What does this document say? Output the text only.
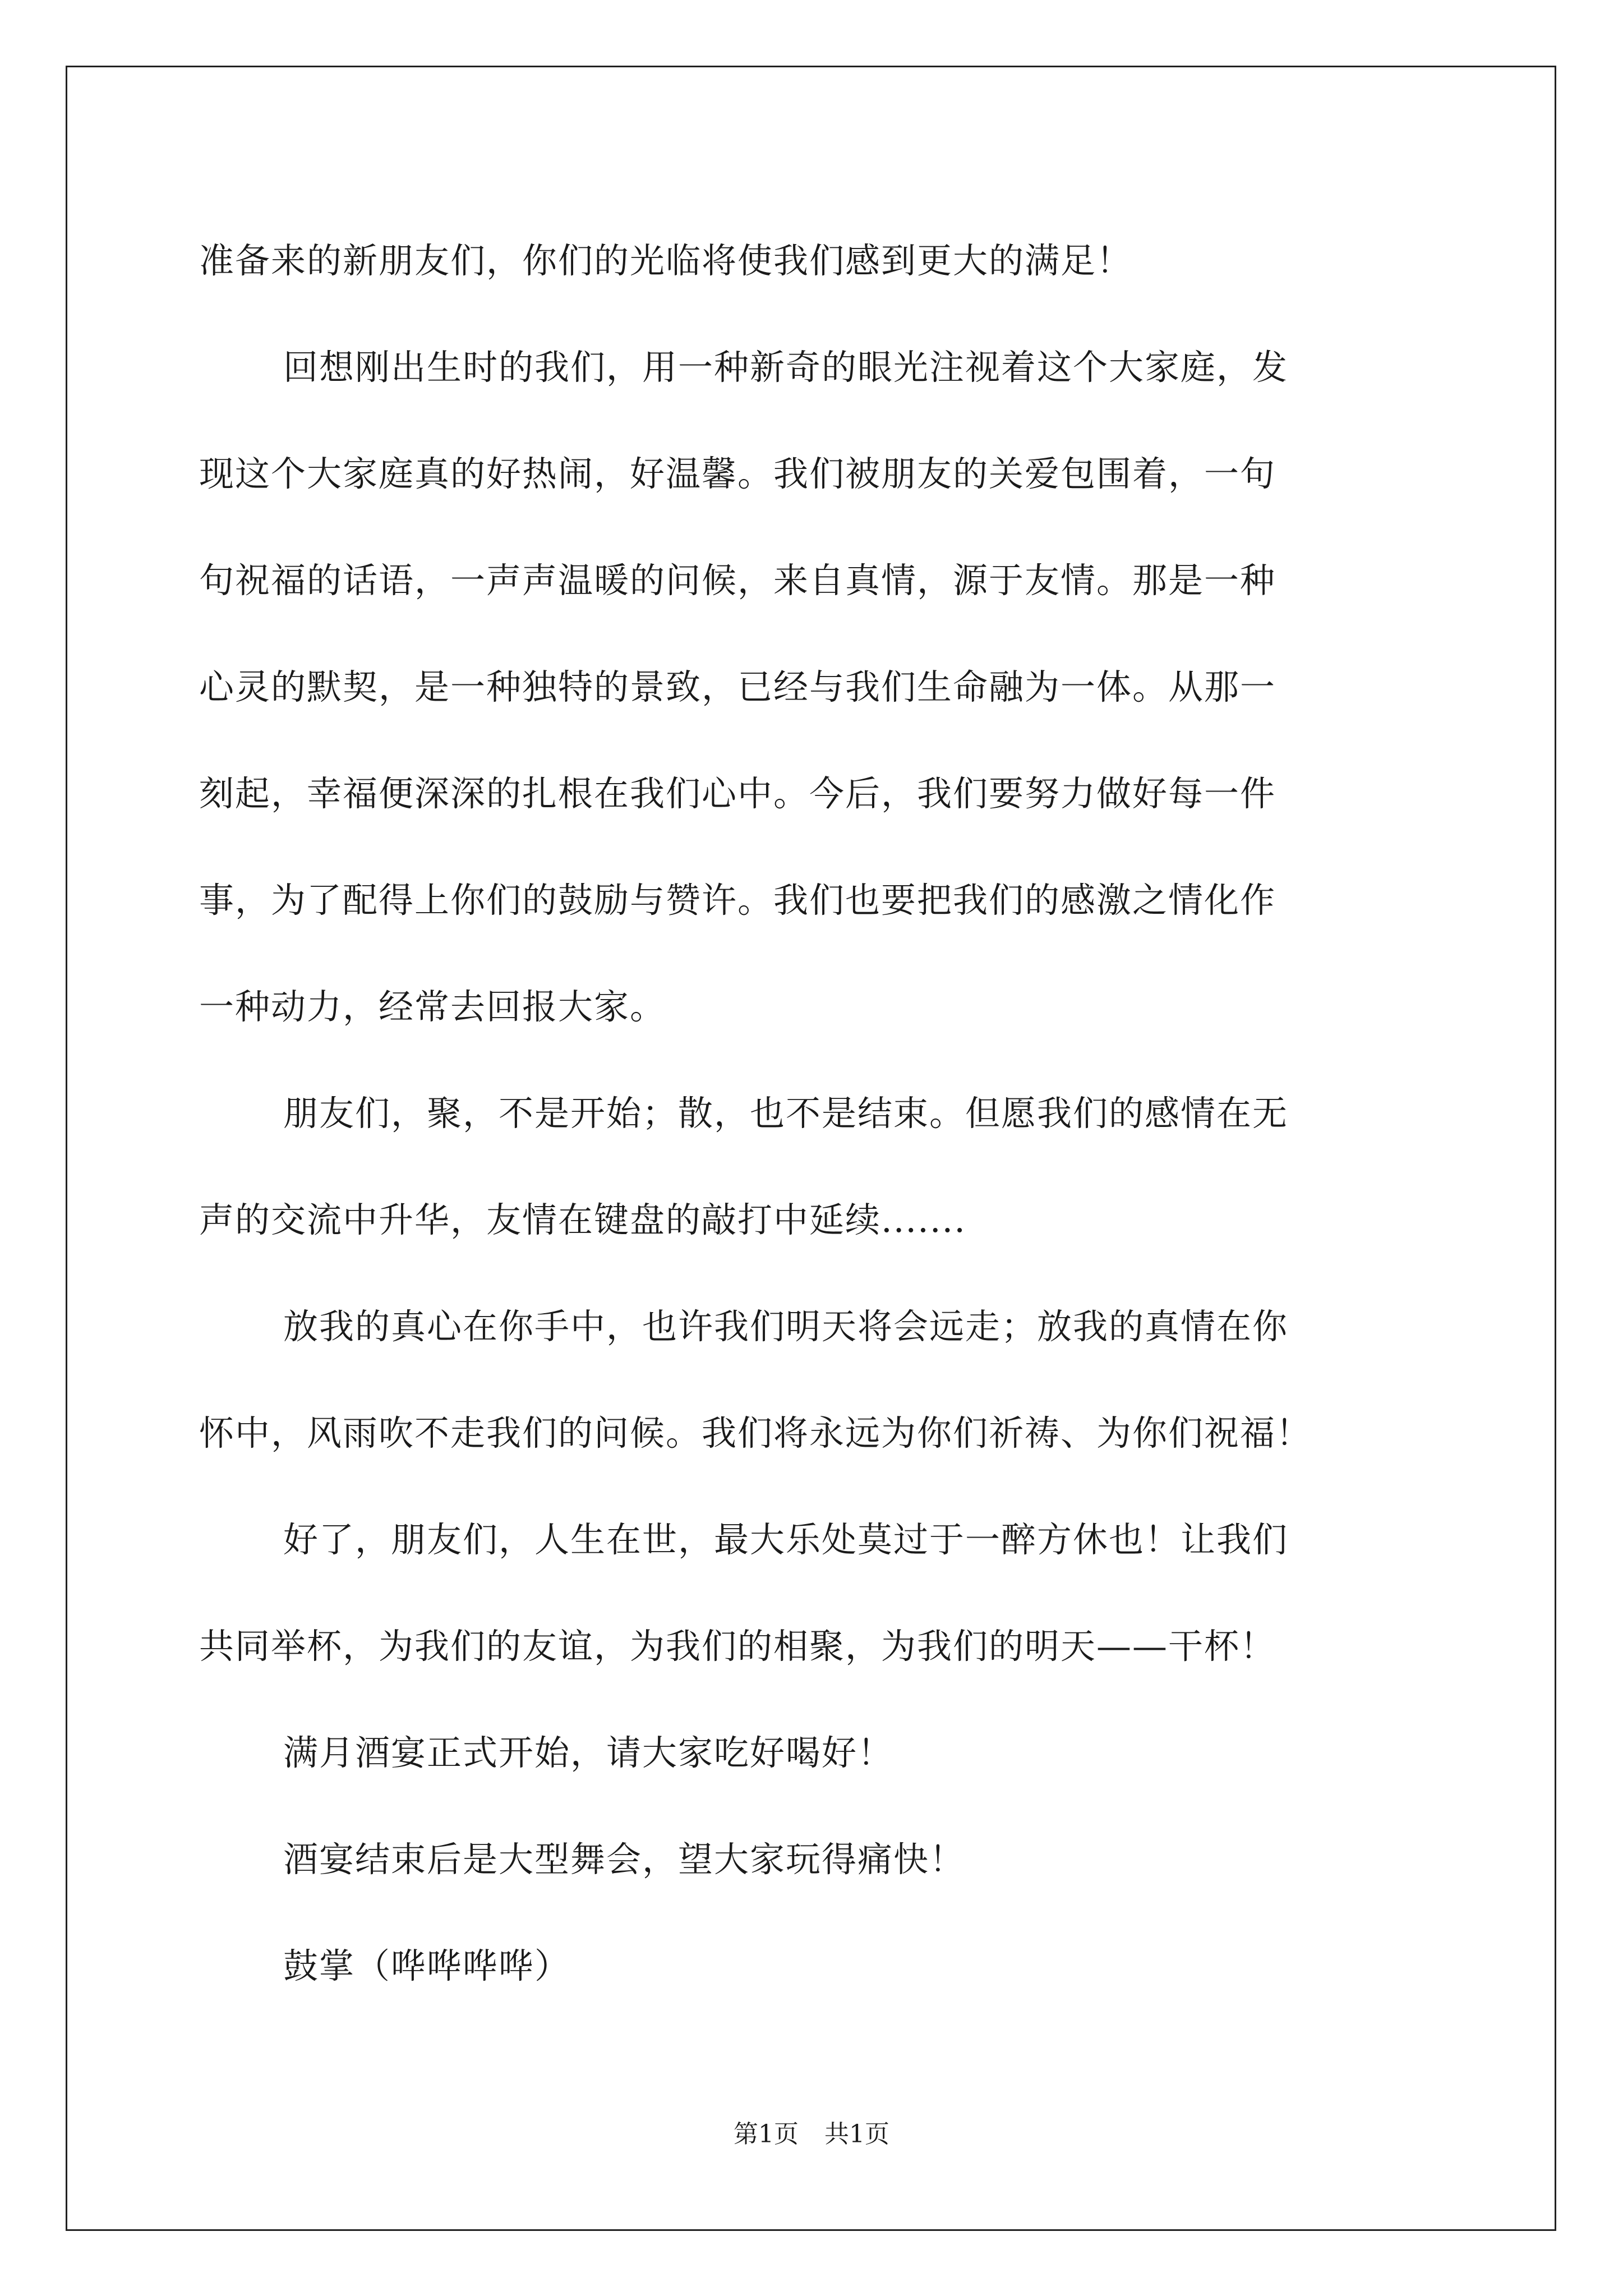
准备来的新朋友们，你们的光临将使我们感到更大的满足！
回想刚出生时的我们，用一种新奇的眼光注视着这个大家庭，发
现这个大家庭真的好热闹，好温馨。我们被朋友的关爱包围着，一句
句祝福的话语，一声声温暖的问候，来自真情，源于友情。那是一种
心灵的默契，是一种独特的景致，已经与我们生命融为一体。从那一
刻起，幸福便深深的扎根在我们心中。今后，我们要努力做好每一件
事，为了配得上你们的鼓励与赞许。我们也要把我们的感激之情化作
一种动力，经常去回报大家。
朋友们，聚，不是开始；散，也不是结束。但愿我们的感情在无
声的交流中升华，友情在键盘的敲打中延续.......
放我的真心在你手中，也许我们明天将会远走；放我的真情在你
怀中，风雨吹不走我们的问候。我们将永远为你们祈祷、为你们祝福！
好了，朋友们，人生在世，最大乐处莫过于一醉方休也！让我们
共同举杯，为我们的友谊，为我们的相聚，为我们的明天——干杯！
满月酒宴正式开始，请大家吃好喝好！
酒宴结束后是大型舞会，望大家玩得痛快！
鼓掌（哗哗哗哗）
第1页 共1页
